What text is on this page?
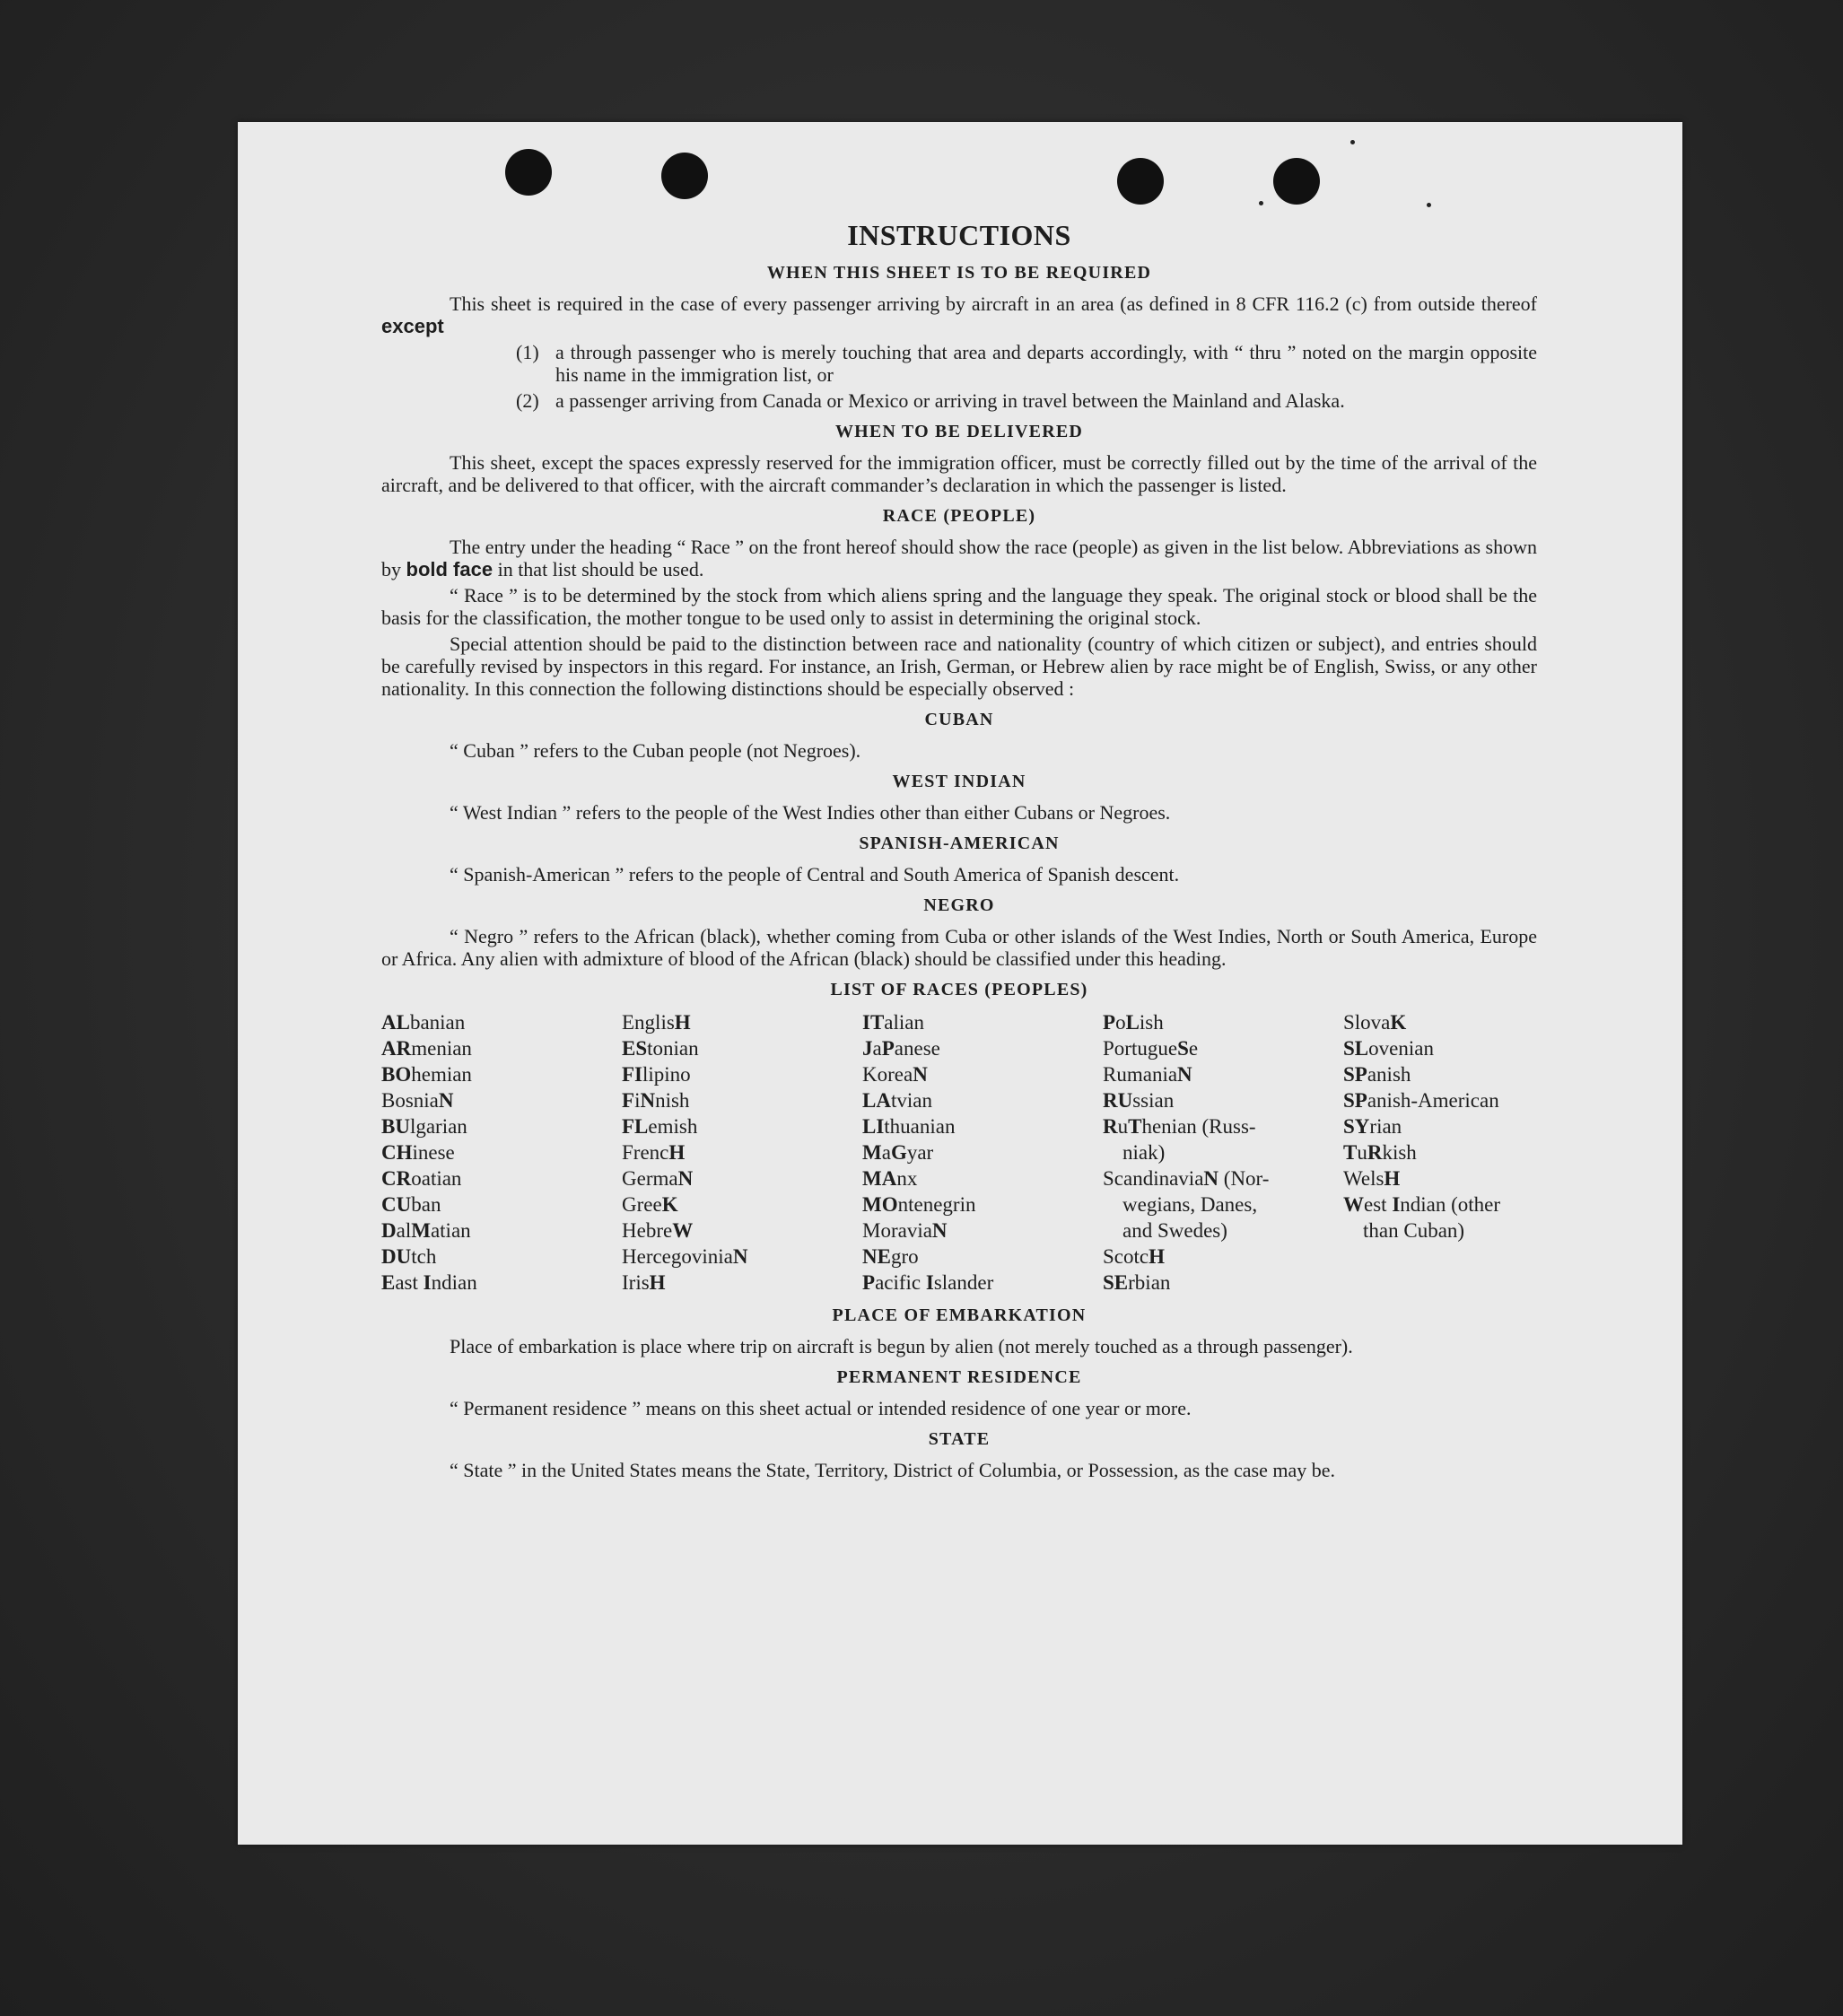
INSTRUCTIONS
WHEN THIS SHEET IS TO BE REQUIRED

This sheet is required in the case of every passenger arriving by aircraft in an area (as defined in 8 CFR 116.2 (c) from outside thereof except

(1) a through passenger who is merely touching that area and departs accordingly, with “ thru ” noted on the margin opposite his name in the immigration list, or
(2) a passenger arriving from Canada or Mexico or arriving in travel between the Mainland and Alaska.
WHEN TO BE DELIVERED

This sheet, except the spaces expressly reserved for the immigration officer, must be correctly filled out by the time of the arrival of the aircraft, and be delivered to that officer, with the aircraft commander’s declaration in which the passenger is listed.

RACE (PEOPLE)

The entry under the heading “ Race ” on the front hereof should show the race (people) as given in the list below. Abbreviations as shown by bold face in that list should be used.

“ Race ” is to be determined by the stock from which aliens spring and the language they speak. The original stock or blood shall be the basis for the classification, the mother tongue to be used only to assist in determining the original stock.

Special attention should be paid to the distinction between race and nationality (country of which citizen or subject), and entries should be carefully revised by inspectors in this regard. For instance, an Irish, German, or Hebrew alien by race might be of English, Swiss, or any other nationality. In this connection the following distinctions should be especially observed :

CUBAN

“ Cuban ” refers to the Cuban people (not Negroes).

WEST INDIAN

“ West Indian ” refers to the people of the West Indies other than either Cubans or Negroes.

SPANISH-AMERICAN

“ Spanish-American ” refers to the people of Central and South America of Spanish descent.

NEGRO

“ Negro ” refers to the African (black), whether coming from Cuba or other islands of the West Indies, North or South America, Europe or Africa. Any alien with admixture of blood of the African (black) should be classified under this heading.

LIST OF RACES (PEOPLES)
ALbanian
ARmenian
BOhemian
BosniaN
BUlgarian
CHinese
CRoatian
CUban
DalMatian
DUtch
East Indian
EnglisH
EStonian
FIlipino
FiNnish
FLemish
FrencH
GermaN
GreeK
HebreW
HercegoviniaN
IrisH
ITalian
JaPanese
KoreaN
LAtvian
LIthuanian
MaGyar
MAnx
MOntenegrin
MoraviaN
NEgro
Pacific Islander
PoLish
PortugueSe
RumaniaN
RUssian
RuThenian (Russ-
niak)
ScandinaviaN (Nor-
wegians, Danes,
and Swedes)
ScotcH
SErbian
SlovaK
SLovenian
SPanish
SPanish-American
SYrian
TuRkish
WelsH
West Indian (other
than Cuban)
PLACE OF EMBARKATION

Place of embarkation is place where trip on aircraft is begun by alien (not merely touched as a through passenger).

PERMANENT RESIDENCE

“ Permanent residence ” means on this sheet actual or intended residence of one year or more.

STATE

“ State ” in the United States means the State, Territory, District of Columbia, or Possession, as the case may be.
